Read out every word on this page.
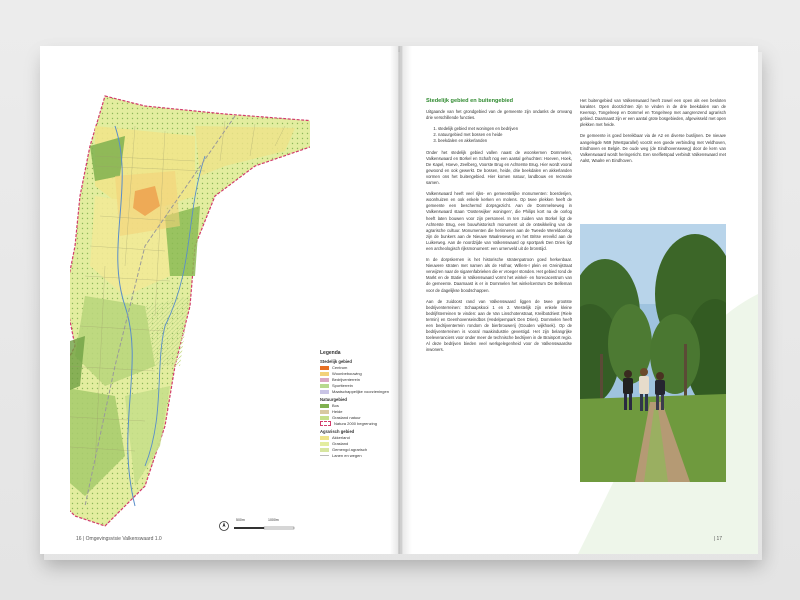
Legenda
Stedelijk gebied
Centrum
Woonbebouwing
Bedrijventerrein
Sportterrein
Maatschappelijke voorzieningen
Natuurgebied
Bos
Heide
Grasland natuur
Natura 2000 begrenzing
Agrarisch gebied
Akkerland
Grasland
Gemengd agrarisch
Lanen en wegen
500m	1000m
16 | Omgevingsvisie Valkenswaard 1.0
Stedelijk gebied en buitengebied

Uitgaande van het grondgebied van de gemeente zijn ondanks de omvang drie verschillende functies.

1. stedelijk gebied met woningen en bedrijven
2. natuurgebied met bossen en heide
3. beekdalen en akkerlanden

Onder het stedelijk gebied vallen naast de woonkernen Dommelen, Valkenswaard en Borkel en Schaft nog een aantal gehuchten: Hoeven, Hoek, De Kapel, Hoeve, Zeelberg, Voorste Brug en Achterste Brug. Hier wordt vooral gewoond en ook gewerkt. De bossen, heide, drie beekdalen en akkerlanden vormen ons het buitengebied. Hier komen natuur, landbouw en recreatie samen.

Valkenswaard heeft veel rijks- en gemeentelijke monumenten: boerderijen, woonhuizen en ook enkele kerken en molens. Op twee plekken heeft de gemeente een beschermd dorpsgezicht. Aan de Dommelseweg in Valkenswaard staan 'Oosterwijker woningen', die Philips kort na de oorlog heeft laten bouwen voor zijn personeel. In ten zuiden van Borkel ligt de Achterste Brug, een bouwhistorisch monument uit de ontwikkeling van de agrarische cultuur. Monumenten die herinneren aan de Tweede Wereldoorlog zijn de bunkers aan de Nieuwe Waalreseweg en het Britse erevéld aan de Luikerweg. Aan de noordzijde van Valkenswaard op sportpark Den Dries ligt een archeologisch rijksmonument: een urnenveld uit de bronstijd.

In de dorpskernen is het historische stratenpatroon goed herkenbaar. Nieuwere straten met namen als de Hofnar, Willem-I plein en Greinijstraat verwijzen naar de sigarenfabrieken die er vroeger stonden. Het gebied rond de Markt en de Statie in Valkenswaard vormt het winkel- en horecacentrum van de gemeente. Daarnaast is er in Dommelen het winkelcentrum De Belleman voor de dagelijkse boodschappen.

Aan de zuidoost rand van Valkenswaard liggen de twee grootste bedrijventerreinen: Schaapskooi 1 en 2. Westelijk zijn enkele kleine bedrijfsterreinen te vinden: aan de Van Linschotenstraat, Kreilbotdriest (Riele termin) en Geenhovenseindbos (Hedelpempark Den Dries). Dommelen heeft een bedrijventerrein rondom de bierbrouwerij (Gouden wijkhoek). Op de bedrijventerreinen is vooral maakindustrie gevestigd. Het zijn belangrijke toeleveranciers voor onder meer de technische bedrijven in de Brainport regio. Al deze bedrijven bieden veel werkgelegenheid voor de Valkenswaardse inwoners.

Het buitengebied van Valkenswaard heeft zowel een open als een besloten karakter. Open doorzichten zijn te vinden in de drie beekdalen van de Keersop, Tongelreep en Dommel en Tongelreep met aangrenzend agrarisch gebied. Daarnaast zijn er een aantal grote bosgebieden, afgewisseld met open plekken met heide.

De gemeente is goed bereikbaar via de A2 en diverse buslijnen. De nieuwe aangelegde N69 (Westparallel) voorzit een goede verbinding met Veldhoven, Eindhoven en België. De oude weg (de Eindhovenseweg) door de kern van Valkenswaard wordt heringericht. Een snelfietspad verbindt Valkenswaard met Aalst, Waalre en Eindhoven.

| 17
